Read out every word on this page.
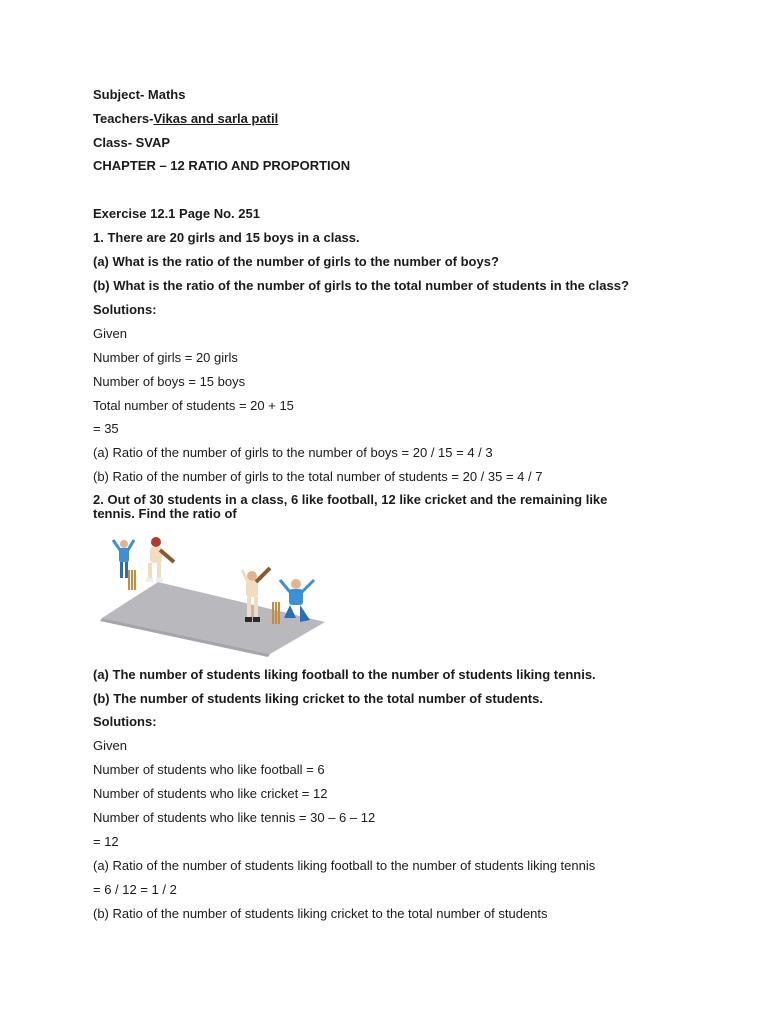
Subject- Maths
Teachers-Vikas and sarla patil
Class- SVAP
CHAPTER – 12 RATIO AND PROPORTION
Exercise 12.1 Page No. 251
1. There are 20 girls and 15 boys in a class.
(a) What is the ratio of the number of girls to the number of boys?
(b) What is the ratio of the number of girls to the total number of students in the class?
Solutions:
Given
Number of girls = 20 girls
Number of boys = 15 boys
Total number of students = 20 + 15
= 35
(a) Ratio of the number of girls to the number of boys = 20 / 15 = 4 / 3
(b) Ratio of the number of girls to the total number of students = 20 / 35 = 4 / 7
2. Out of 30 students in a class, 6 like football, 12 like cricket and the remaining like tennis. Find the ratio of
(a) The number of students liking football to the number of students liking tennis.
(b) The number of students liking cricket to the total number of students.
Solutions:
Given
Number of students who like football = 6
Number of students who like cricket = 12
Number of students who like tennis = 30 – 6 – 12
= 12
(a) Ratio of the number of students liking football to the number of students liking tennis
= 6 / 12 = 1 / 2
(b) Ratio of the number of students liking cricket to the total number of students
